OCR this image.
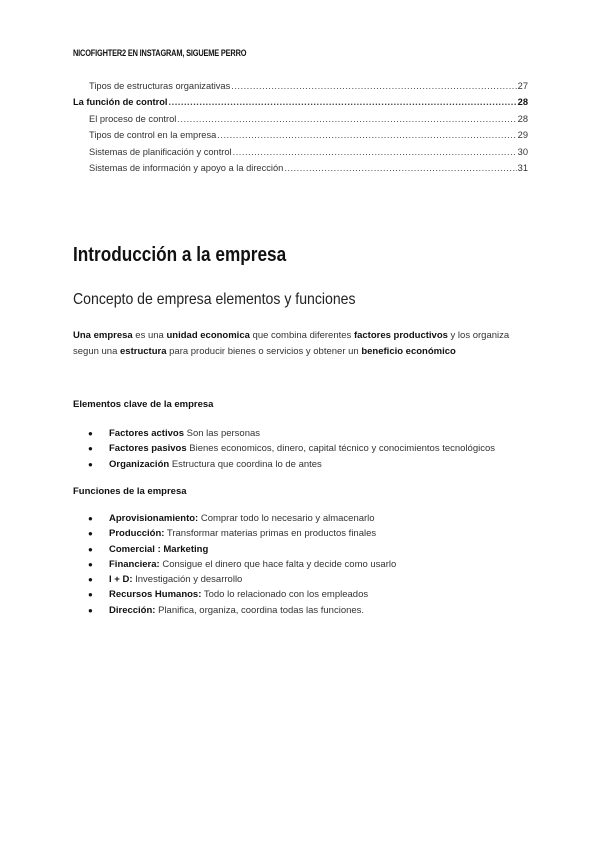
NICOFIGHTER2 EN INSTAGRAM, SIGUEME PERRO
Tipos de estructuras organizativas .....	27
La función de control .....	28
El proceso de control .....	28
Tipos de control en la empresa .....	29
Sistemas de planificación y control .....	30
Sistemas de información y apoyo a la dirección .....	31
Introducción a la empresa
Concepto de empresa elementos y funciones
Una empresa es una unidad economica que combina diferentes factores productivos y los organiza segun una estructura para producir bienes o servicios y obtener un beneficio económico
Elementos clave de la empresa
● Factores activos Son las personas
● Factores pasivos Bienes economicos, dinero, capital técnico y conocimientos tecnológicos
● Organización Estructura que coordina lo de antes
Funciones de la empresa
● Aprovisionamiento: Comprar todo lo necesario y almacenarlo
● Producción: Transformar materias primas en productos finales
● Comercial : Marketing
● Financiera: Consigue el dinero que hace falta y decide como usarlo
● I + D: Investigación y desarrollo
● Recursos Humanos: Todo lo relacionado con los empleados
● Dirección: Planifica, organiza, coordina todas las funciones.
